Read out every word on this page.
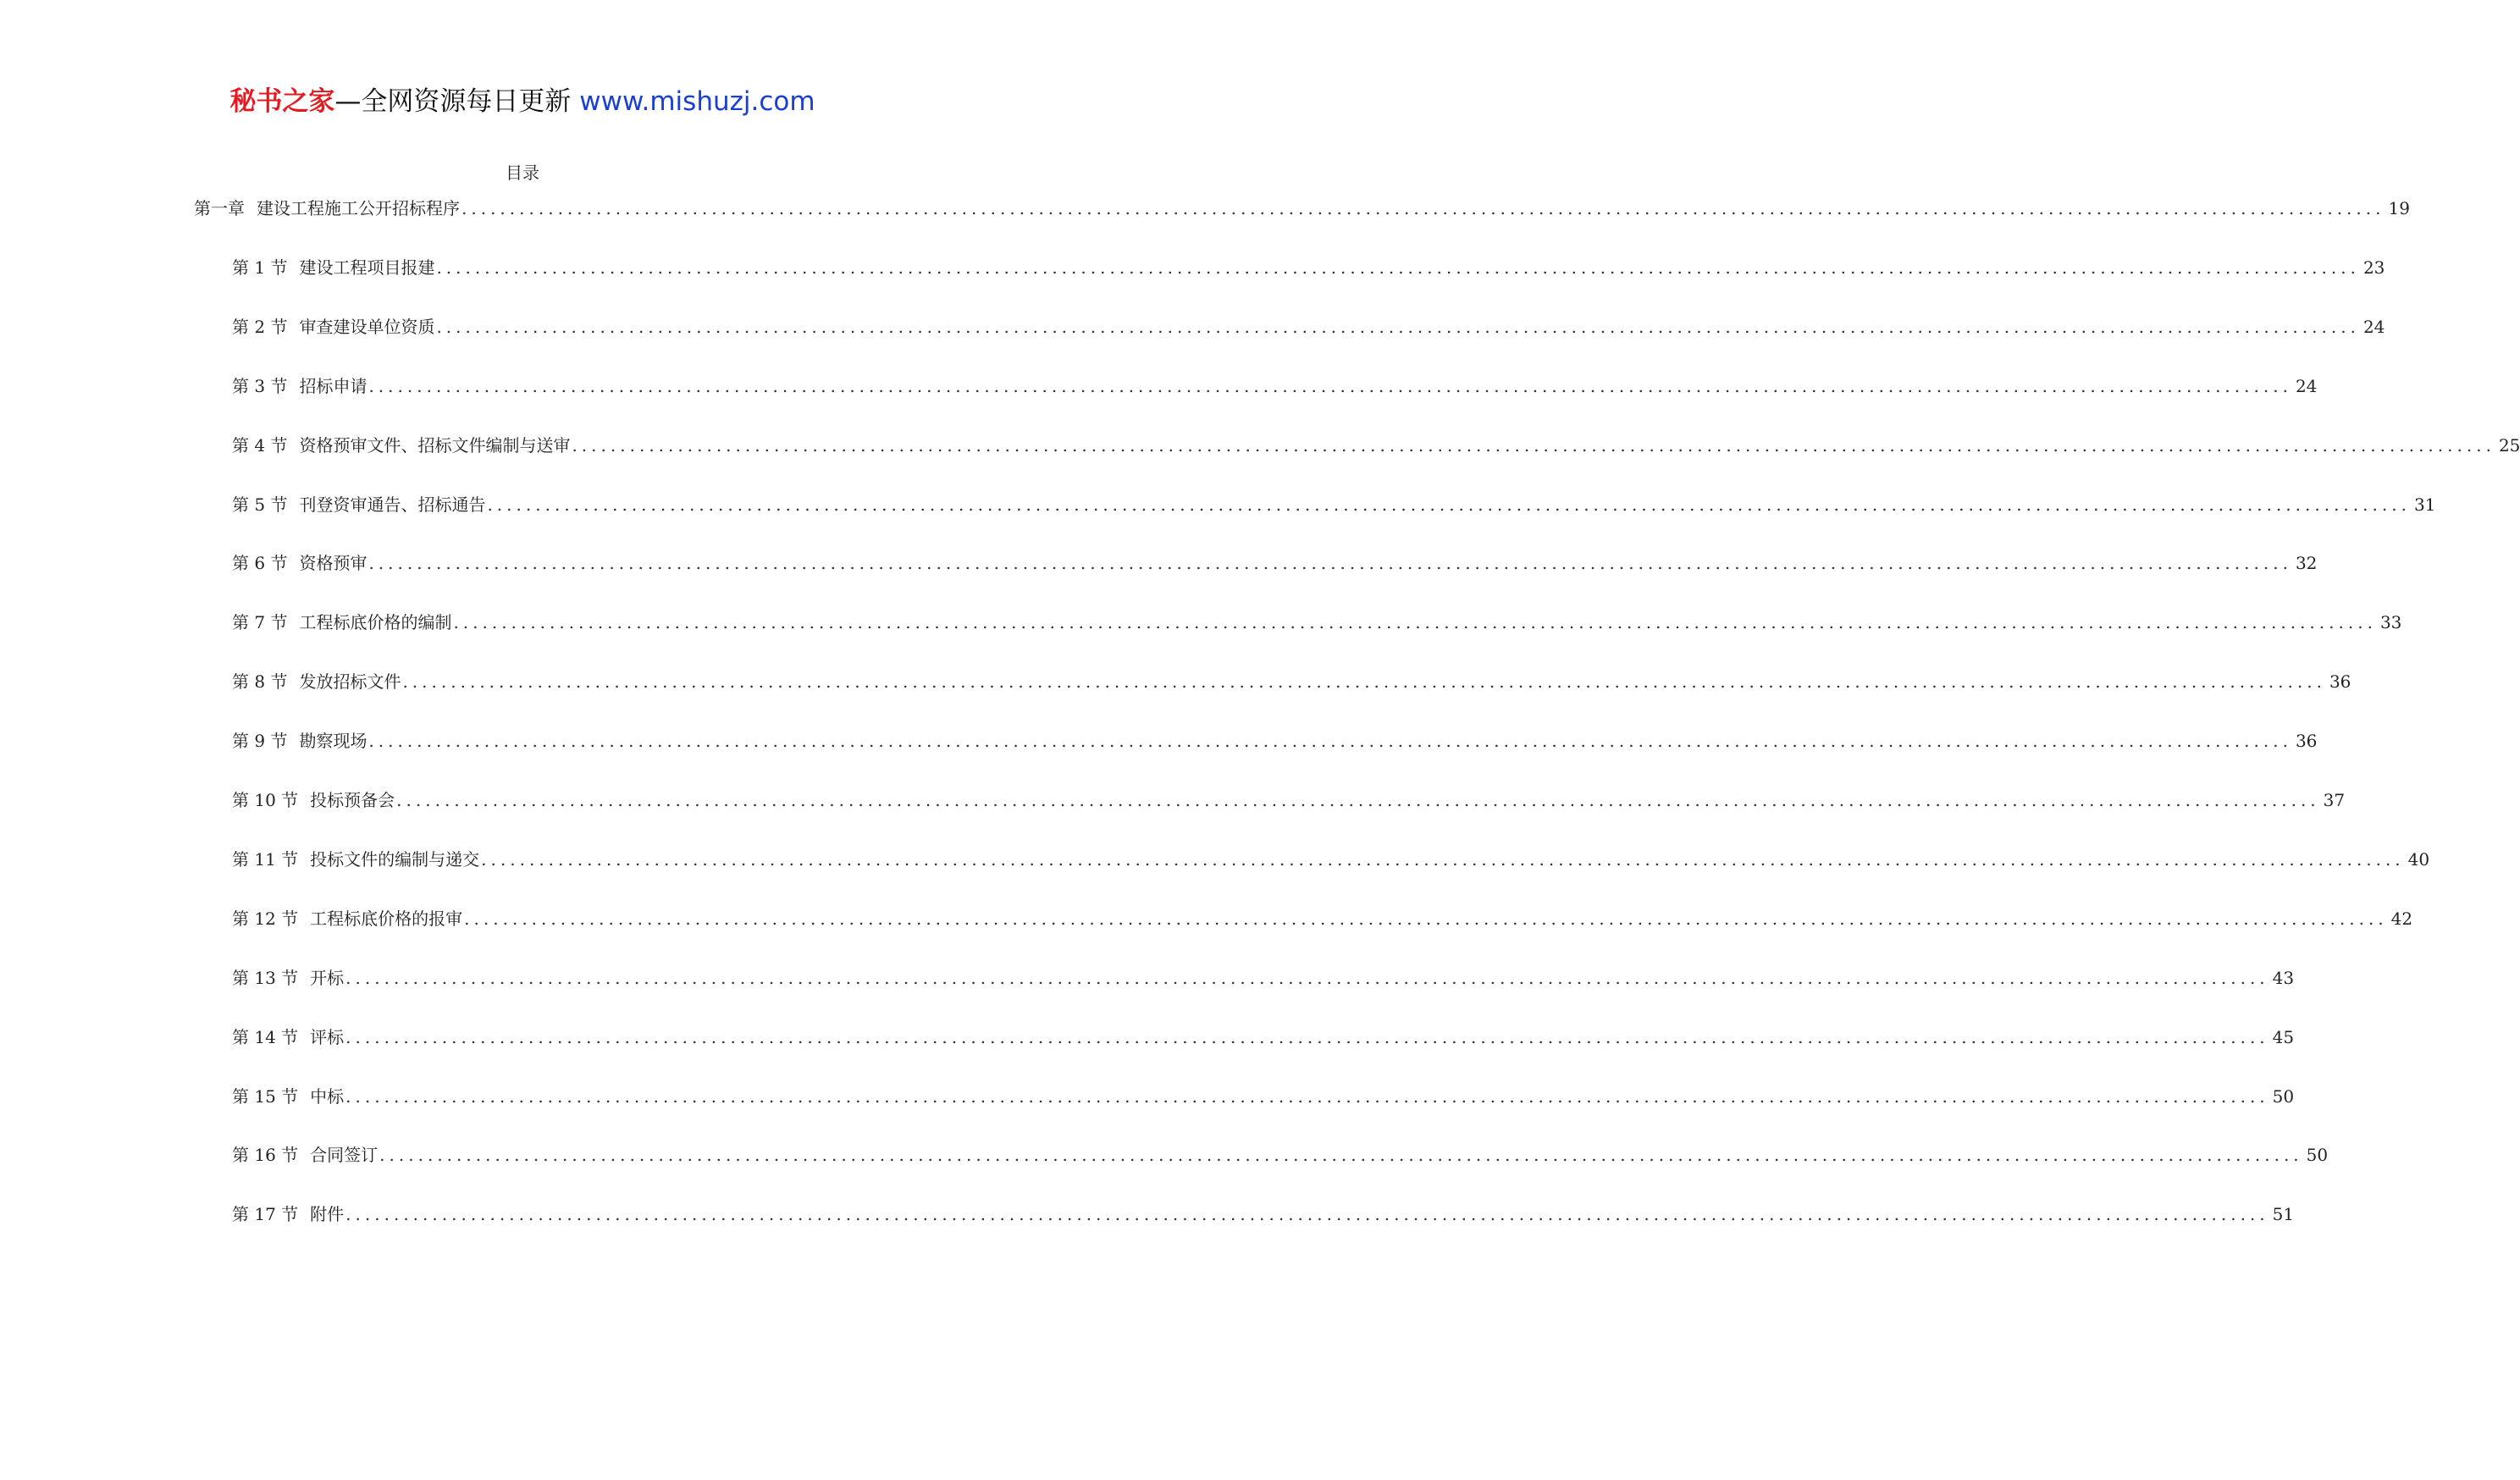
秘书之家—全网资源每日更新 www.mishuzj.com
目录
第一章 建设工程施工公开招标程序 ........................................................................................................................................................................................................ 19
第 1 节 建设工程项目报建 ........................................................................................................................................................................................................ 23
第 2 节 审查建设单位资质 ........................................................................................................................................................................................................ 24
第 3 节 招标申请 ........................................................................................................................................................................................................ 24
第 4 节 资格预审文件、招标文件编制与送审 ........................................................................................................................................................................................................ 25
第 5 节 刊登资审通告、招标通告 ........................................................................................................................................................................................................ 31
第 6 节 资格预审 ........................................................................................................................................................................................................ 32
第 7 节 工程标底价格的编制 ........................................................................................................................................................................................................ 33
第 8 节 发放招标文件 ........................................................................................................................................................................................................ 36
第 9 节 勘察现场 ........................................................................................................................................................................................................ 36
第 10 节 投标预备会 ........................................................................................................................................................................................................ 37
第 11 节 投标文件的编制与递交 ........................................................................................................................................................................................................ 40
第 12 节 工程标底价格的报审 ........................................................................................................................................................................................................ 42
第 13 节 开标 ........................................................................................................................................................................................................ 43
第 14 节 评标 ........................................................................................................................................................................................................ 45
第 15 节 中标 ........................................................................................................................................................................................................ 50
第 16 节 合同签订 ........................................................................................................................................................................................................ 50
第 17 节 附件 ........................................................................................................................................................................................................ 51
